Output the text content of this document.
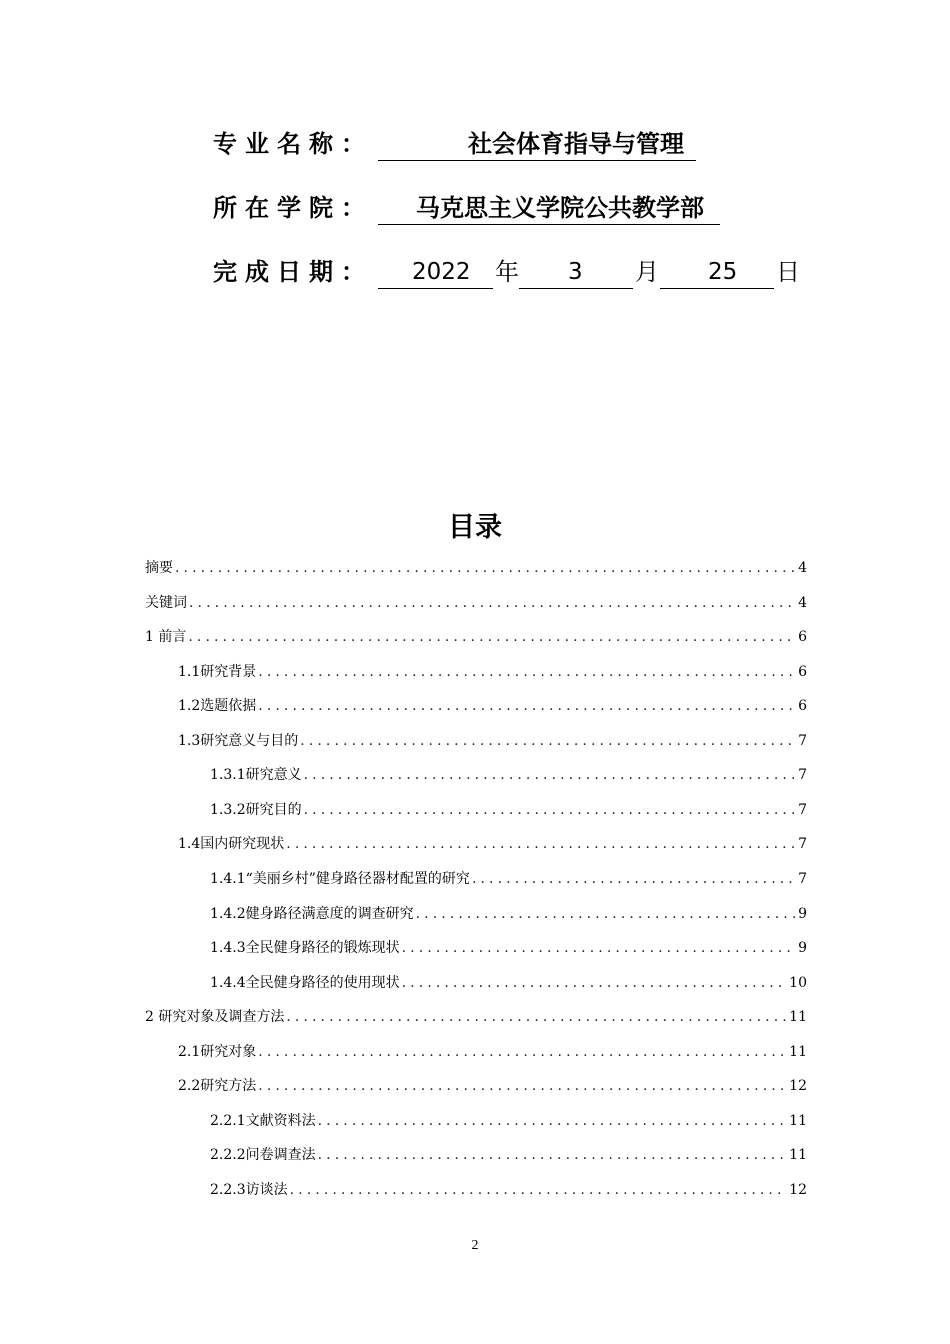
专业名称：	社会体育指导与管理
所在学院： 马克思主义学院公共教学部
完成日期： 2022 年 3 月 25 日
目录
摘要 .....	4
关键词 .....	4
1 前言 .....	6
1.1研究背景 .....	6
1.2选题依据 .....	6
1.3研究意义与目的 .....	7
1.3.1研究意义 .....	7
1.3.2研究目的 .....	7
1.4国内研究现状 .....	7
1.4.1“美丽乡村”健身路径器材配置的研究 .....	7
1.4.2健身路径满意度的调查研究 .....	9
1.4.3全民健身路径的锻炼现状 .....	9
1.4.4全民健身路径的使用现状 .....	10
2 研究对象及调查方法 .....	11
2.1研究对象 .....	11
2.2研究方法 .....	12
2.2.1文献资料法 .....	11
2.2.2问卷调查法 .....	11
2.2.3访谈法 .....	12
2
